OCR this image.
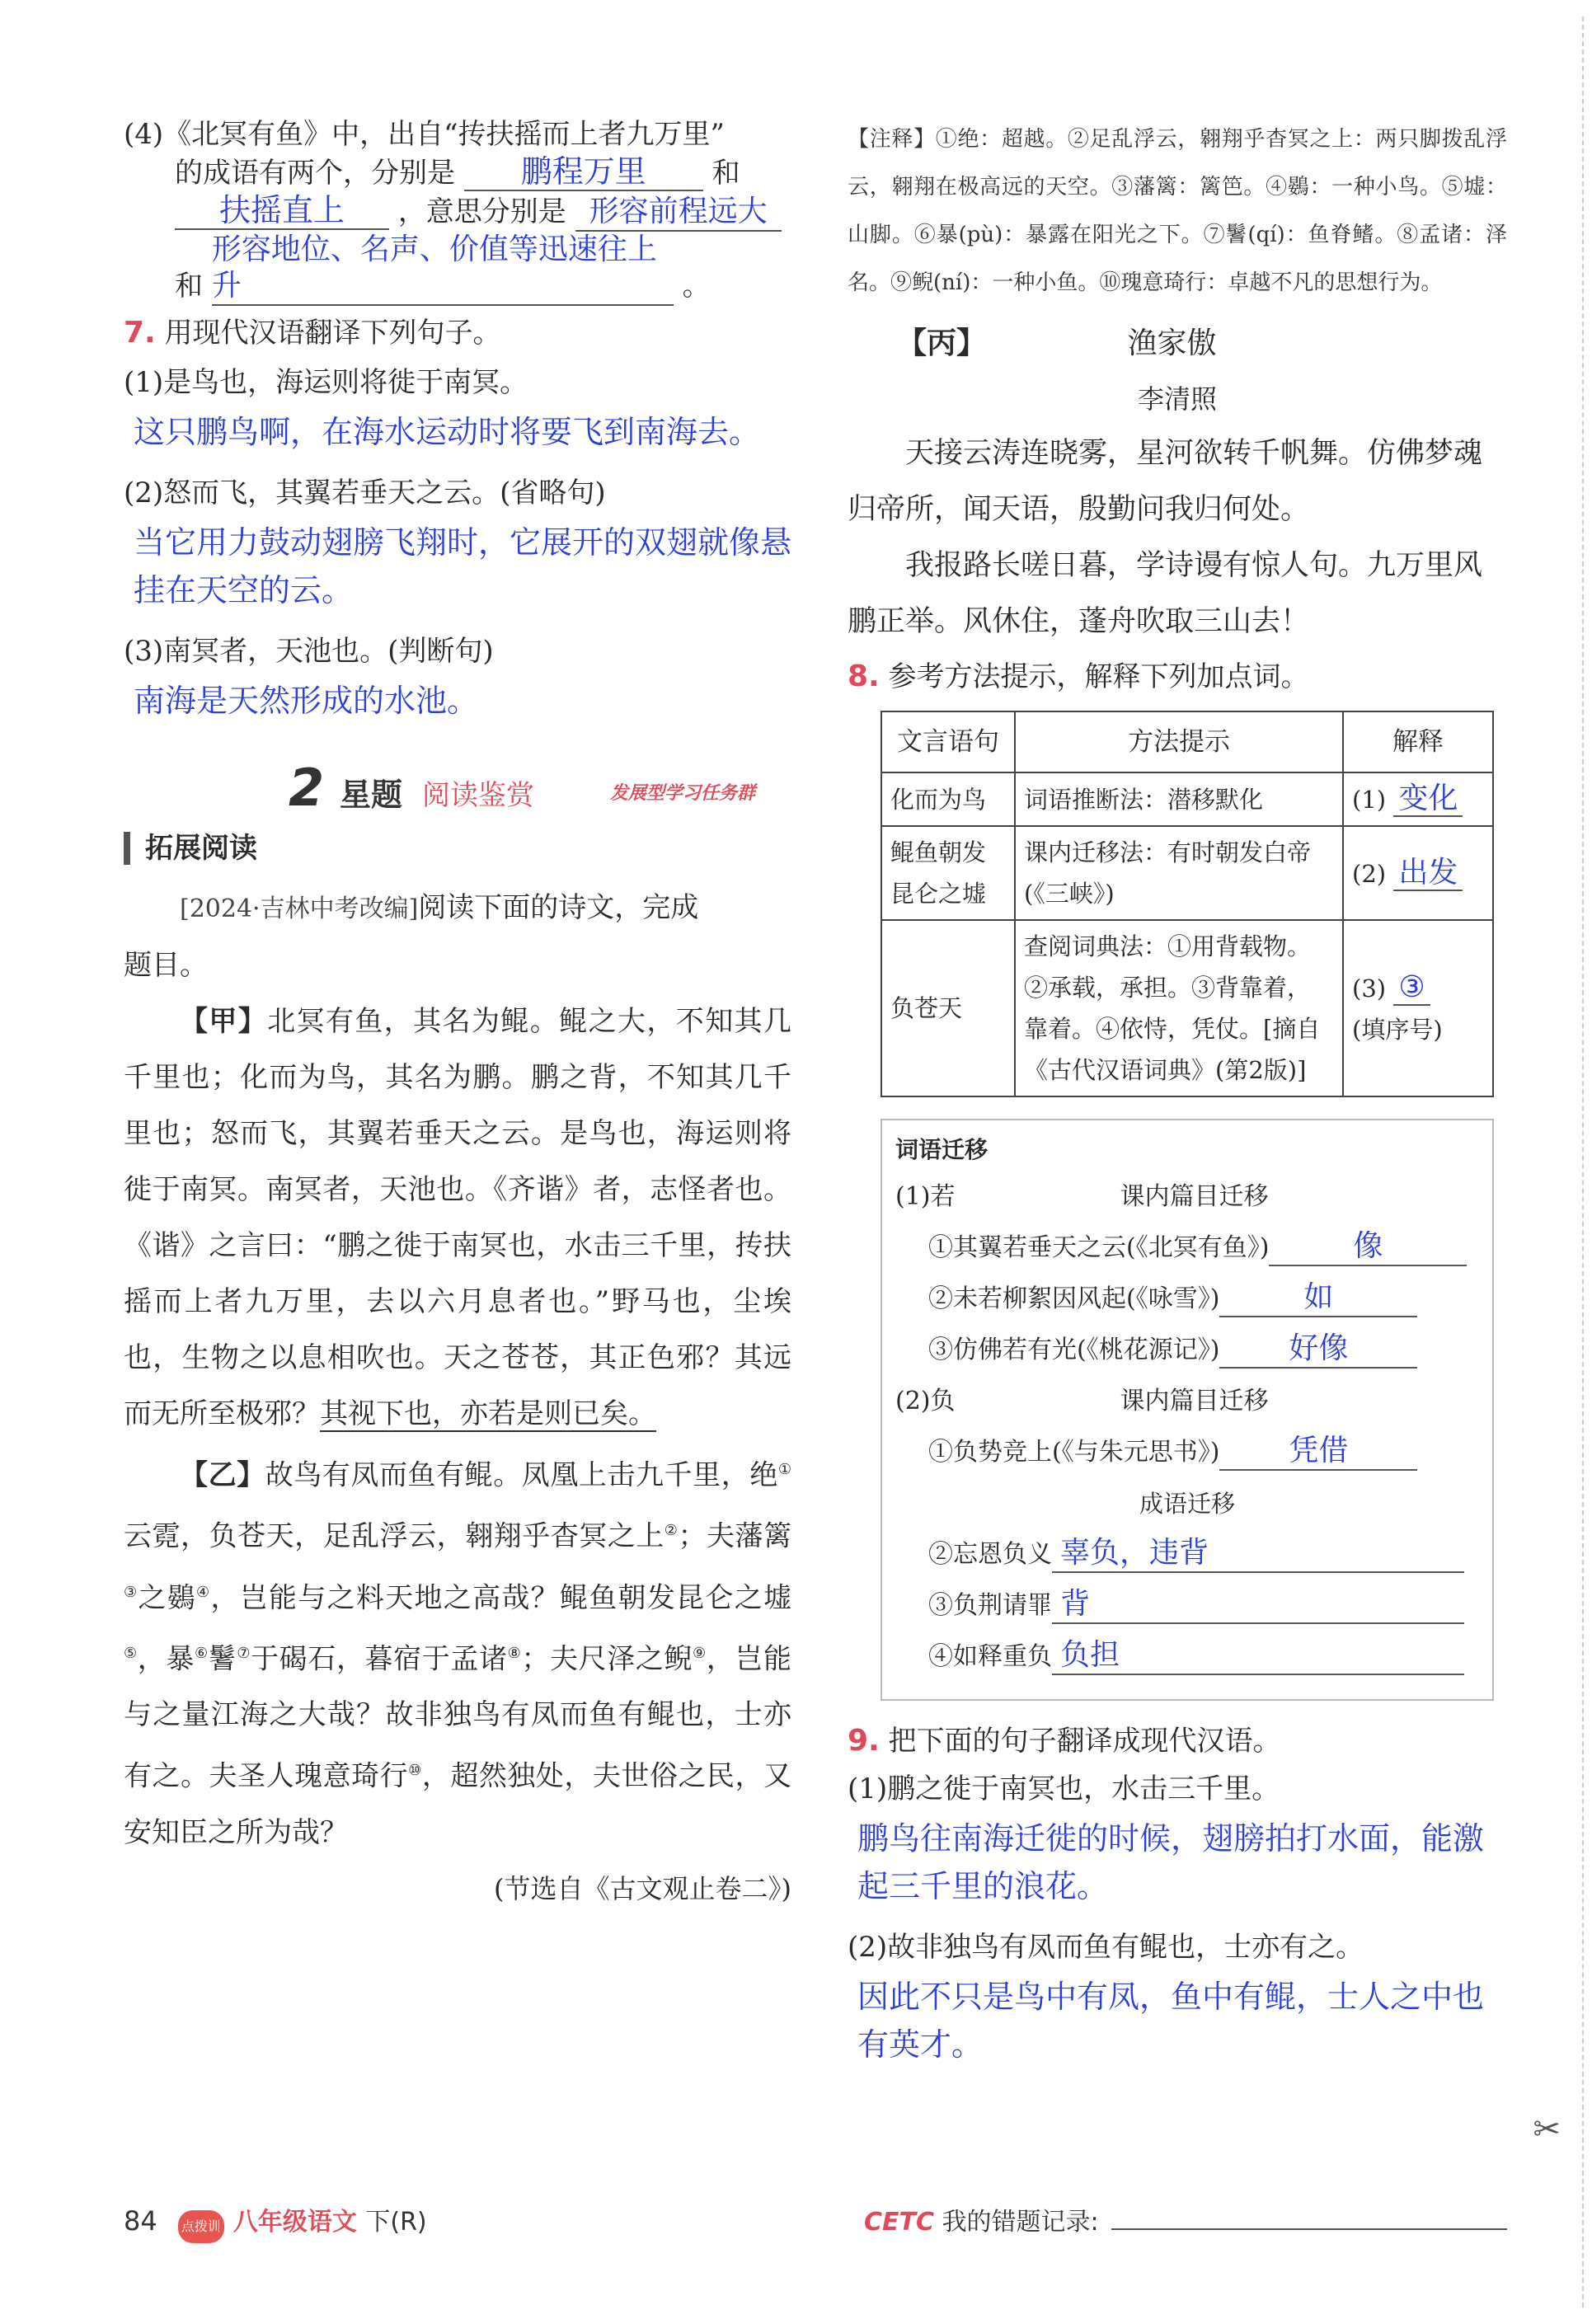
(4)《北冥有鱼》中，出自“抟扶摇而上者九万里”

的成语有两个，分别是 鹏程万里 和

扶摇直上 ，意思分别是 形容前程远大

和 形容地位、名声、价值等迅速往上升	。

7. 用现代汉语翻译下列句子。

(1)是鸟也，海运则将徙于南冥。

这只鹏鸟啊，在海水运动时将要飞到南海去。

(2)怒而飞，其翼若垂天之云。(省略句)

当它用力鼓动翅膀飞翔时，它展开的双翅就像悬挂在天空的云。

(3)南冥者，天池也。(判断句)

南海是天然形成的水池。
2 星题 阅读鉴赏	发展型学习任务群
拓展阅读

[2024·吉林中考改编]阅读下面的诗文，完成

题目。

【甲】北冥有鱼，其名为鲲。鲲之大，不知其几千里也；化而为鸟，其名为鹏。鹏之背，不知其几千里也；怒而飞，其翼若垂天之云。是鸟也，海运则将徙于南冥。南冥者，天池也。《齐谐》者，志怪者也。《谐》之言曰：“鹏之徙于南冥也，水击三千里，抟扶摇而上者九万里，去以六月息者也。”野马也，尘埃也，生物之以息相吹也。天之苍苍，其正色邪？其远而无所至极邪？其视下也，亦若是则已矣。

【乙】故鸟有凤而鱼有鲲。凤凰上击九千里，绝①云霓，负苍天，足乱浮云，翱翔乎杳冥之上②；夫藩篱③之鷃④，岂能与之料天地之高哉？鲲鱼朝发昆仑之墟⑤，暴⑥鬐⑦于碣石，暮宿于孟诸⑧；夫尺泽之鲵⑨，岂能与之量江海之大哉？故非独鸟有凤而鱼有鲲也，士亦有之。夫圣人瑰意琦行⑩，超然独处，夫世俗之民，又安知臣之所为哉？

(节选自《古文观止卷二》)

【注释】①绝：超越。②足乱浮云，翱翔乎杳冥之上：两只脚拨乱浮云，翱翔在极高远的天空。③藩篱：篱笆。④鷃：一种小鸟。⑤墟：山脚。⑥暴(pù)：暴露在阳光之下。⑦鬐(qí)：鱼脊鳍。⑧孟诸：泽名。⑨鲵(ní)：一种小鱼。⑩瑰意琦行：卓越不凡的思想行为。

【丙】	渔家傲

李清照

天接云涛连晓雾，星河欲转千帆舞。仿佛梦魂归帝所，闻天语，殷勤问我归何处。

我报路长嗟日暮，学诗谩有惊人句。九万里风鹏正举。风休住，蓬舟吹取三山去！

8. 参考方法提示，解释下列加点词。

文言语句	方法提示	解释
化而为鸟	词语推断法：潜移默化	(1) 变化
鲲鱼朝发昆仑之墟	课内迁移法：有时朝发白帝(《三峡》)	(2) 出发
负苍天	查阅词典法：①用背载物。②承载，承担。③背靠着，靠着。④依恃，凭仗。[摘自《古代汉语词典》(第2版)]	(3) ③
(填序号)

词语迁移

(1)若	课内篇目迁移

①其翼若垂天之云(《北冥有鱼》)	像

②未若柳絮因风起(《咏雪》)	如

③仿佛若有光(《桃花源记》) 好像

(2)负	课内篇目迁移

①负势竞上(《与朱元思书》) 凭借

成语迁移

②忘恩负义 辜负，违背

③负荆请罪 背

④如释重负 负担

9. 把下面的句子翻译成现代汉语。

(1)鹏之徙于南冥也，水击三千里。

鹏鸟往南海迁徙的时候，翅膀拍打水面，能激起三千里的浪花。

(2)故非独鸟有凤而鱼有鲲也，士亦有之。

因此不只是鸟中有凤，鱼中有鲲，士人之中也有英才。
✂
84 点拨训练 八年级语文 下(R)	CETC 我的错题记录:
